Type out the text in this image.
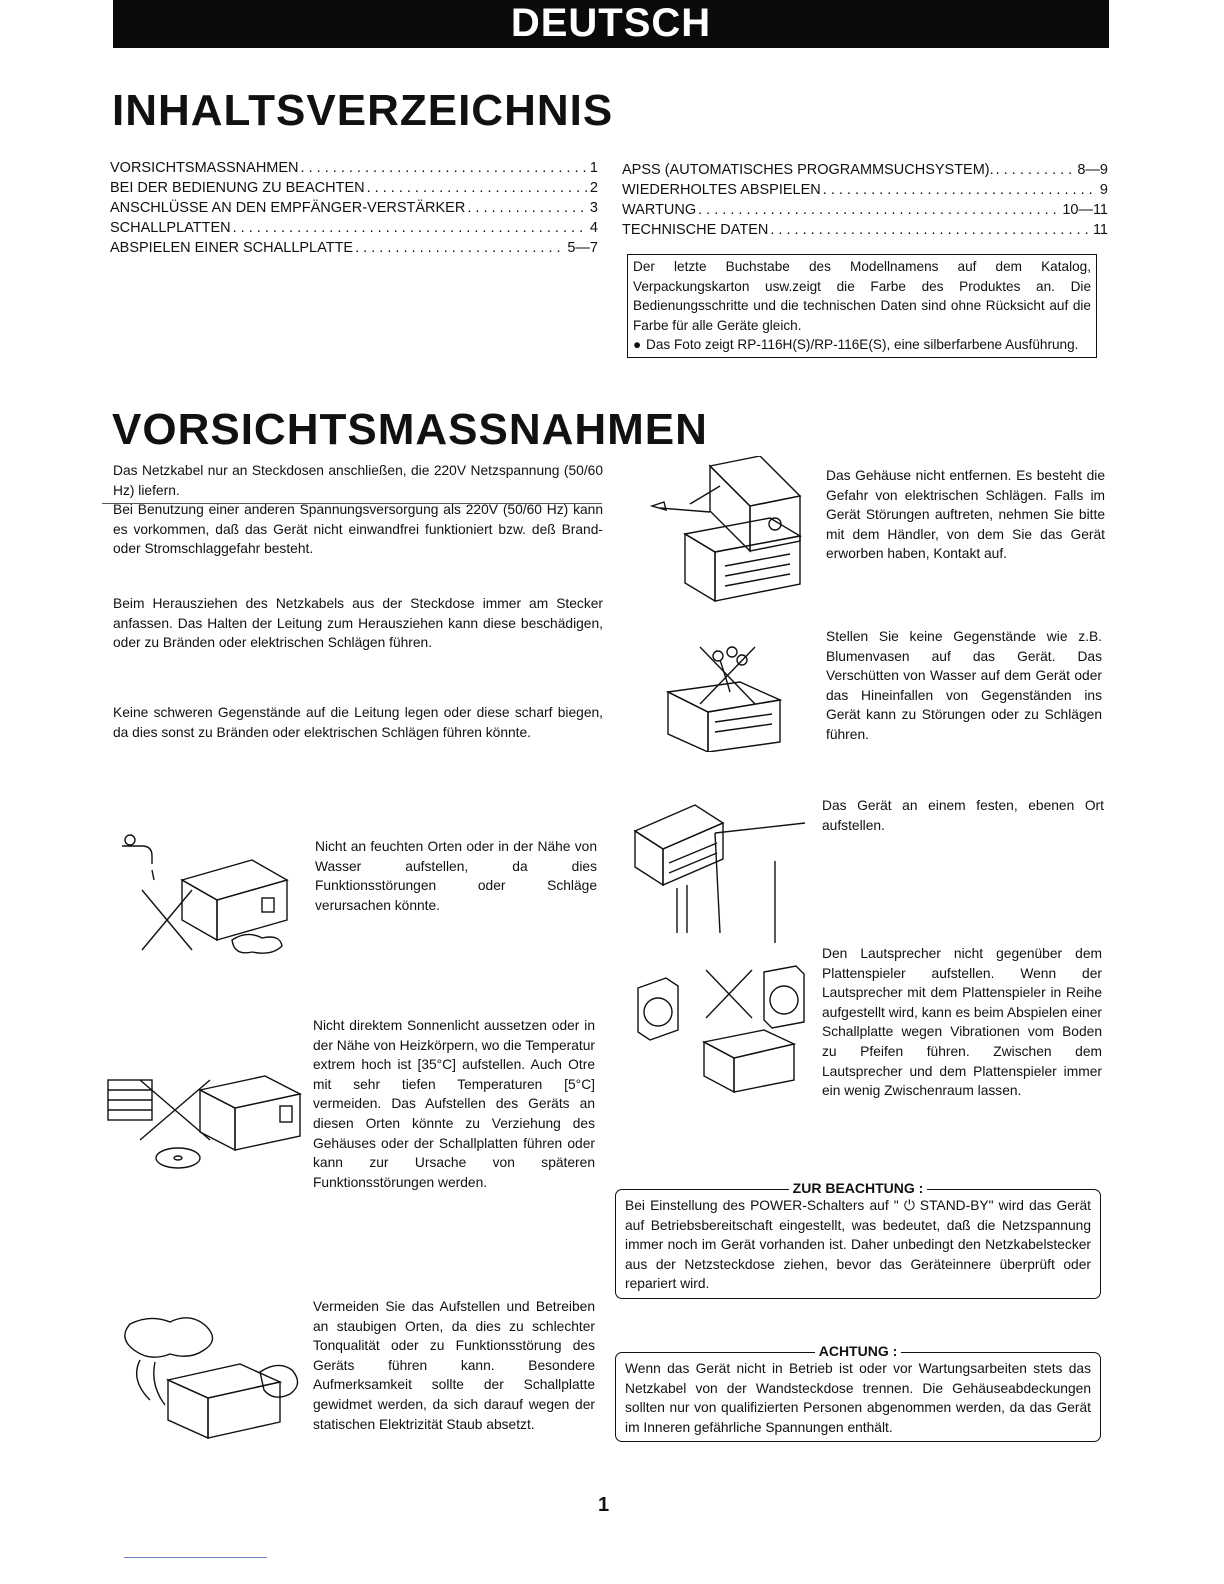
DEUTSCH
INHALTSVERZEICHNIS
VORSICHTSMASSNAHMEN . . .	1
BEI DER BEDIENUNG ZU BEACHTEN . . .	2
ANSCHLÜSSE AN DEN EMPFÄNGER-VERSTÄRKER . . .	3
SCHALLPLATTEN . . .	4
ABSPIELEN EINER SCHALLPLATTE . . .	5—7
APSS (AUTOMATISCHES PROGRAMMSUCHSYSTEM). . . .	8—9
WIEDERHOLTES ABSPIELEN . . .	9
WARTUNG . . .	10—11
TECHNISCHE DATEN . . .	11
Der letzte Buchstabe des Modellnamens auf dem Katalog, Verpackungskarton usw.zeigt die Farbe des Produktes an. Die Bedienungsschritte und die technischen Daten sind ohne Rücksicht auf die Farbe für alle Geräte gleich.
● Das Foto zeigt RP-116H(S)/RP-116E(S), eine silberfarbene Ausführung.
VORSICHTSMASSNAHMEN
Das Netzkabel nur an Steckdosen anschließen, die 220V Netzspannung (50/60 Hz) liefern.
Bei Benutzung einer anderen Spannungsversorgung als 220V (50/60 Hz) kann es vorkommen, daß das Gerät nicht einwandfrei funktioniert bzw. deß Brand- oder Stromschlaggefahr besteht.
Beim Herausziehen des Netzkabels aus der Steckdose immer am Stecker anfassen. Das Halten der Leitung zum Herausziehen kann diese beschädigen, oder zu Bränden oder elektrischen Schlägen führen.
Keine schweren Gegenstände auf die Leitung legen oder diese scharf biegen, da dies sonst zu Bränden oder elektrischen Schlägen führen könnte.
Das Gehäuse nicht entfernen. Es besteht die Gefahr von elektrischen Schlägen. Falls im Gerät Störungen auftreten, nehmen Sie bitte mit dem Händler, von dem Sie das Gerät erworben haben, Kontakt auf.
Stellen Sie keine Gegenstände wie z.B. Blumenvasen auf das Gerät. Das Verschütten von Wasser auf dem Gerät oder das Hineinfallen von Gegenständen ins Gerät kann zu Störungen oder zu Schlägen führen.
Das Gerät an einem festen, ebenen Ort aufstellen.
Den Lautsprecher nicht gegenüber dem Plattenspieler aufstellen. Wenn der Lautsprecher mit dem Plattenspieler in Reihe aufgestellt wird, kann es beim Abspielen einer Schallplatte wegen Vibrationen vom Boden zu Pfeifen führen. Zwischen dem Lautsprecher und dem Plattenspieler immer ein wenig Zwischenraum lassen.
Nicht an feuchten Orten oder in der Nähe von Wasser aufstellen, da dies Funktionsstörungen oder Schläge verursachen könnte.
Nicht direktem Sonnenlicht aussetzen oder in der Nähe von Heizkörpern, wo die Temperatur extrem hoch ist [35°C] aufstellen. Auch Otre mit sehr tiefen Temperaturen [5°C] vermeiden. Das Aufstellen des Geräts an diesen Orten könnte zu Verziehung des Gehäuses oder der Schallplatten führen oder kann zur Ursache von späteren Funktionsstörungen werden.
Vermeiden Sie das Aufstellen und Betreiben an staubigen Orten, da dies zu schlechter Tonqualität oder zu Funktionsstörung des Geräts führen kann. Besondere Aufmerksamkeit sollte der Schallplatte gewidmet werden, da sich darauf wegen der statischen Elektrizität Staub absetzt.
ZUR BEACHTUNG :
Bei Einstellung des POWER-Schalters auf " ⏻ STAND-BY" wird das Gerät auf Betriebsbereitschaft eingestellt, was bedeutet, daß die Netzspannung immer noch im Gerät vorhanden ist. Daher unbedingt den Netzkabelstecker aus der Netzsteckdose ziehen, bevor das Geräteinnere überprüft oder repariert wird.
ACHTUNG :
Wenn das Gerät nicht in Betrieb ist oder vor Wartungsarbeiten stets das Netzkabel von der Wandsteckdose trennen. Die Gehäuseabdeckungen sollten nur von qualifizierten Personen abgenommen werden, da das Gerät im Inneren gefährliche Spannungen enthält.
1
